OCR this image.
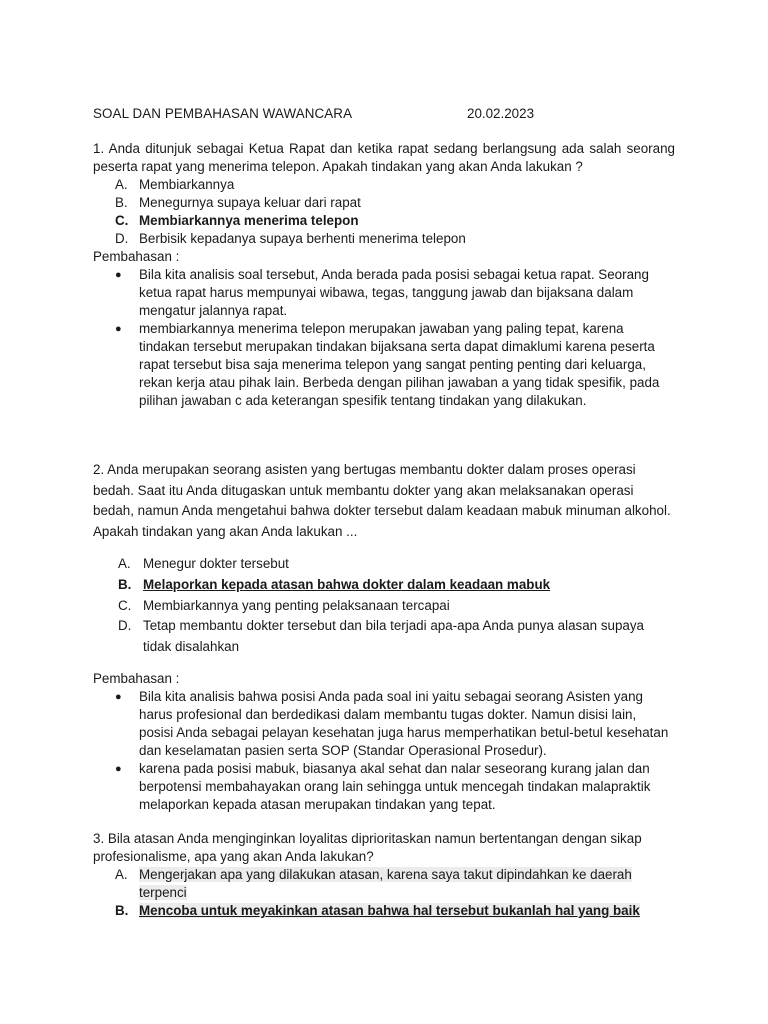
SOAL DAN PEMBAHASAN WAWANCARA	20.02.2023
1. Anda ditunjuk sebagai Ketua Rapat dan ketika rapat sedang berlangsung ada salah seorang peserta rapat yang menerima telepon. Apakah tindakan yang akan Anda lakukan ?
A. Membiarkannya
B. Menegurnya supaya keluar dari rapat
C. Membiarkannya menerima telepon
D. Berbisik kepadanya supaya berhenti menerima telepon
Pembahasan :
● Bila kita analisis soal tersebut, Anda berada pada posisi sebagai ketua rapat. Seorang ketua rapat harus mempunyai wibawa, tegas, tanggung jawab dan bijaksana dalam mengatur jalannya rapat.
● membiarkannya menerima telepon merupakan jawaban yang paling tepat, karena tindakan tersebut merupakan tindakan bijaksana serta dapat dimaklumi karena peserta rapat tersebut bisa saja menerima telepon yang sangat penting penting dari keluarga, rekan kerja atau pihak lain. Berbeda dengan pilihan jawaban a yang tidak spesifik, pada pilihan jawaban c ada keterangan spesifik tentang tindakan yang dilakukan.
2. Anda merupakan seorang asisten yang bertugas membantu dokter dalam proses operasi bedah. Saat itu Anda ditugaskan untuk membantu dokter yang akan melaksanakan operasi bedah, namun Anda mengetahui bahwa dokter tersebut dalam keadaan mabuk minuman alkohol. Apakah tindakan yang akan Anda lakukan ...
A. Menegur dokter tersebut
B. Melaporkan kepada atasan bahwa dokter dalam keadaan mabuk
C. Membiarkannya yang penting pelaksanaan tercapai
D. Tetap membantu dokter tersebut dan bila terjadi apa-apa Anda punya alasan supaya tidak disalahkan
Pembahasan :
● Bila kita analisis bahwa posisi Anda pada soal ini yaitu sebagai seorang Asisten yang harus profesional dan berdedikasi dalam membantu tugas dokter. Namun disisi lain, posisi Anda sebagai pelayan kesehatan juga harus memperhatikan betul-betul kesehatan dan keselamatan pasien serta SOP (Standar Operasional Prosedur).
● karena pada posisi mabuk, biasanya akal sehat dan nalar seseorang kurang jalan dan berpotensi membahayakan orang lain sehingga untuk mencegah tindakan malapraktik melaporkan kepada atasan merupakan tindakan yang tepat.
3. Bila atasan Anda menginginkan loyalitas diprioritaskan namun bertentangan dengan sikap profesionalisme, apa yang akan Anda lakukan?
A. Mengerjakan apa yang dilakukan atasan, karena saya takut dipindahkan ke daerah terpenci
B. Mencoba untuk meyakinkan atasan bahwa hal tersebut bukanlah hal yang baik
